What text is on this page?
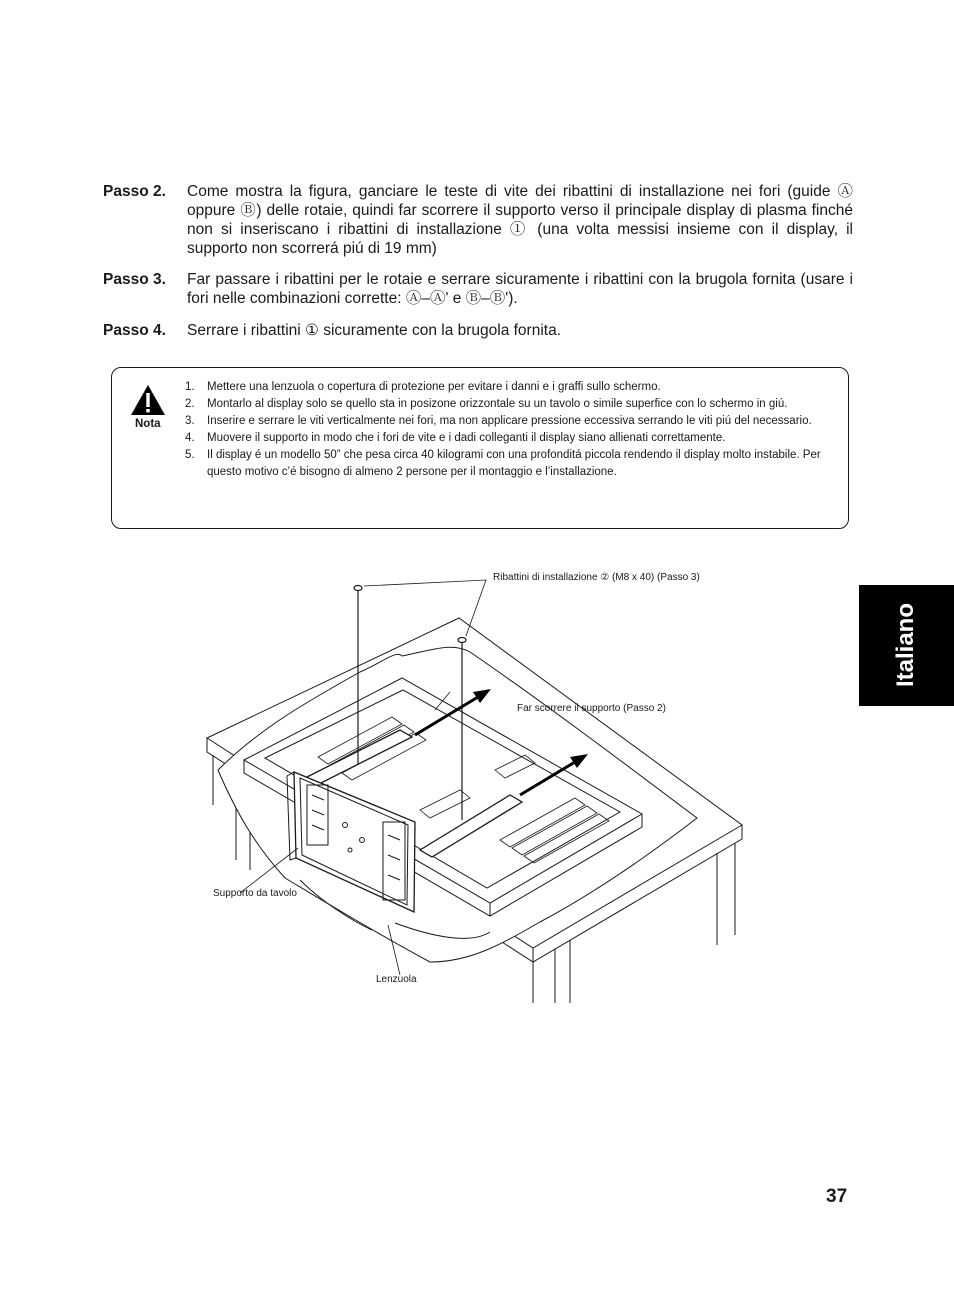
Passo 2. Come mostra la figura, ganciare le teste di vite dei ribattini di installazione nei fori (guide Ⓐ oppure Ⓑ) delle rotaie, quindi far scorrere il supporto verso il principale display di plasma finché non si inseriscano i ribattini di installazione ① (una volta messisi insieme con il display, il supporto non scorrerá piú di 19 mm)
Passo 3. Far passare i ribattini per le rotaie e serrare sicuramente i ribattini con la brugola fornita (usare i fori nelle combinazioni corrette: Ⓐ–Ⓐ' e Ⓑ–Ⓑ').
Passo 4. Serrare i ribattini ① sicuramente con la brugola fornita.
Nota
1. Mettere una lenzuola o copertura di protezione per evitare i danni e i graffi sullo schermo.
2. Montarlo al display solo se quello sta in posizone orizzontale su un tavolo o simile superfice con lo schermo in giú.
3. Inserire e serrare le viti verticalmente nei fori, ma non applicare pressione eccessiva serrando le viti piú del necessario.
4. Muovere il supporto in modo che i fori de vite e i dadi colleganti il display siano allienati correttamente.
5. Il display é un modello 50” che pesa circa 40 kilogrami con una profonditá piccola rendendo il display molto instabile. Per questo motivo c’é bisogno di almeno 2 persone per il montaggio e l’installazione.
Ribattini di installazione ② (M8 x 40) (Passo 3)
Far scorrere il supporto (Passo 2)
Supporto da tavolo
Lenzuola
Italiano
37
